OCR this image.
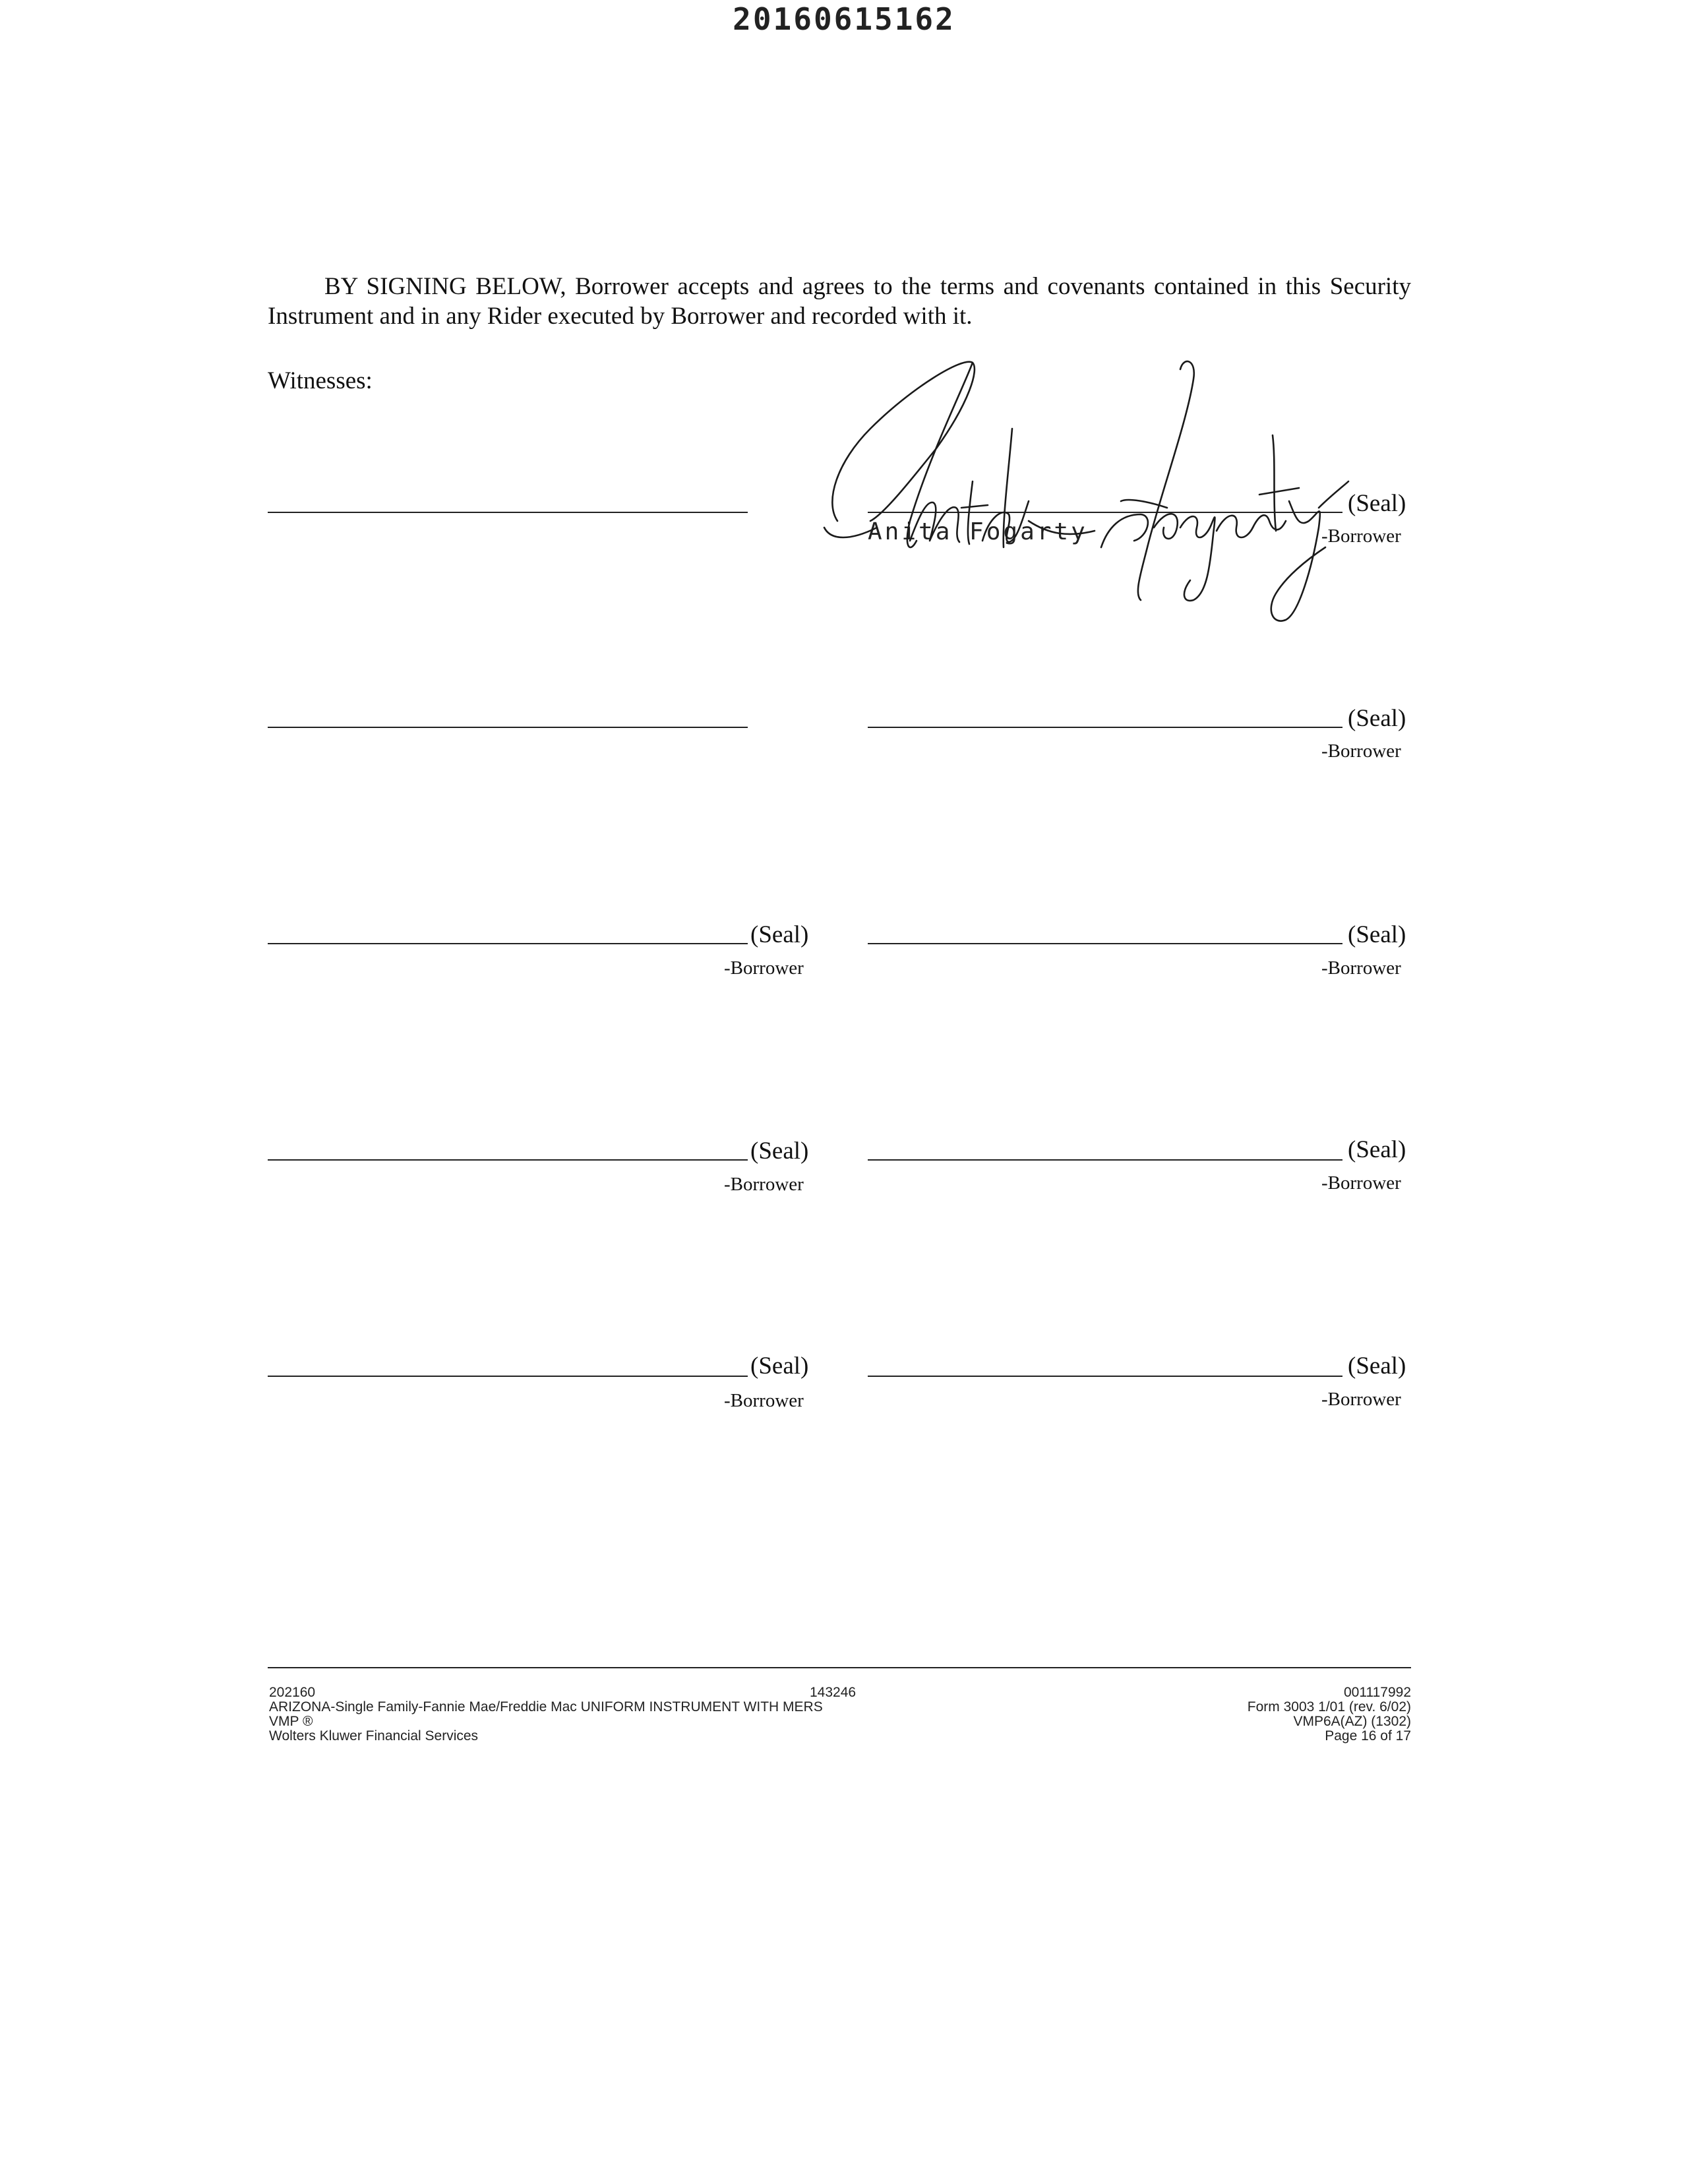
20160615162
BY SIGNING BELOW, Borrower accepts and agrees to the terms and covenants contained in this Security Instrument and in any Rider executed by Borrower and recorded with it.
Witnesses:
(Seal)
-Borrower
Anita Fogarty
(Seal)
-Borrower
(Seal)
-Borrower
(Seal)
-Borrower
(Seal)
-Borrower
(Seal)
-Borrower
(Seal)
-Borrower
(Seal)
-Borrower
202160
ARIZONA-Single Family-Fannie Mae/Freddie Mac UNIFORM INSTRUMENT WITH MERS
VMP ®
Wolters Kluwer Financial Services
143246	001117992
Form 3003 1/01 (rev. 6/02)
VMP6A(AZ) (1302)
Page 16 of 17
